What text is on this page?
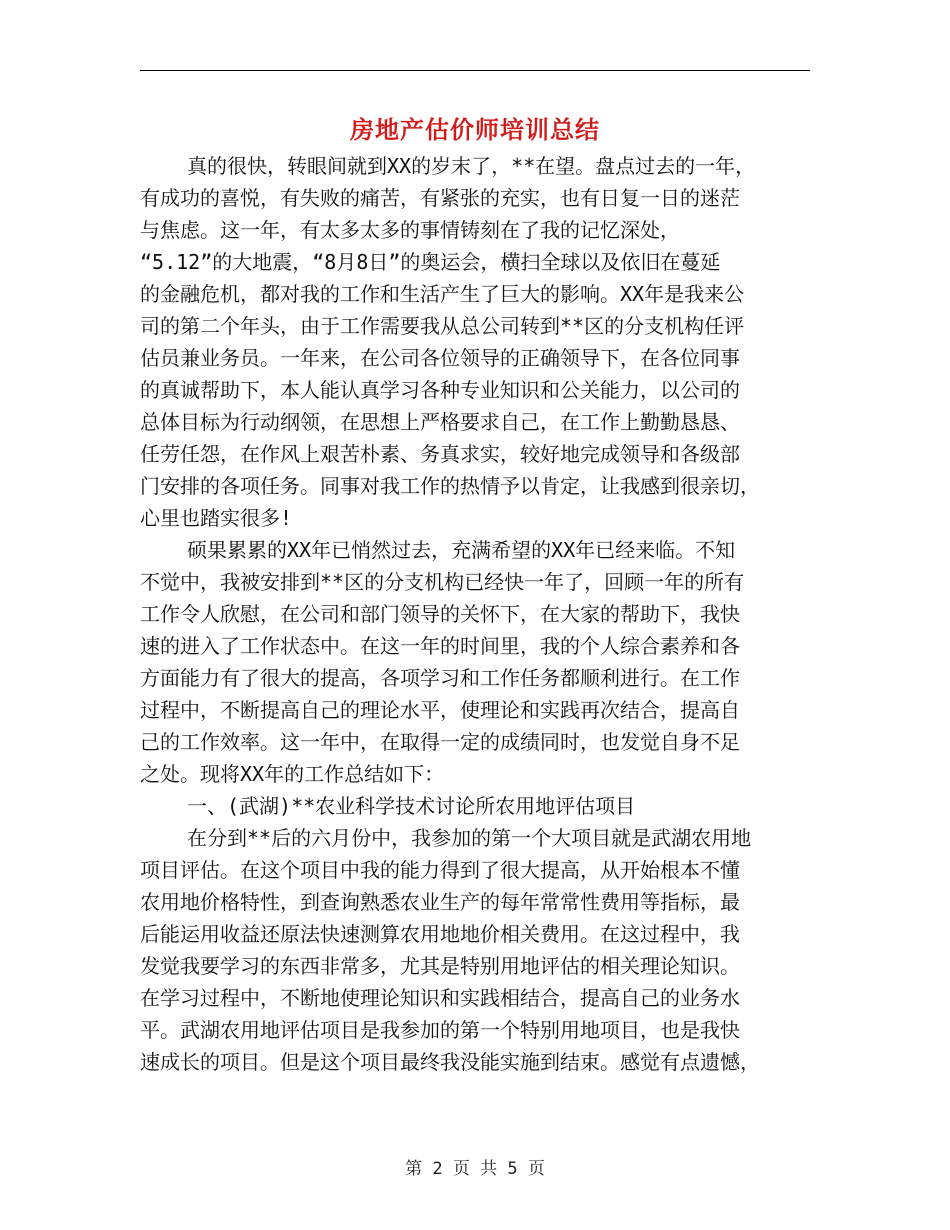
房地产估价师培训总结
真的很快，转眼间就到XX的岁末了，**在望。盘点过去的一年，
有成功的喜悦，有失败的痛苦，有紧张的充实，也有日复一日的迷茫
与焦虑。这一年，有太多太多的事情铸刻在了我的记忆深处，
“5.12”的大地震，“8月8日”的奥运会，横扫全球以及依旧在蔓延
的金融危机，都对我的工作和生活产生了巨大的影响。XX年是我来公
司的第二个年头，由于工作需要我从总公司转到**区的分支机构任评
估员兼业务员。一年来，在公司各位领导的正确领导下，在各位同事
的真诚帮助下，本人能认真学习各种专业知识和公关能力，以公司的
总体目标为行动纲领，在思想上严格要求自己，在工作上勤勤恳恳、
任劳任怨，在作风上艰苦朴素、务真求实，较好地完成领导和各级部
门安排的各项任务。同事对我工作的热情予以肯定，让我感到很亲切，
心里也踏实很多!
硕果累累的XX年已悄然过去，充满希望的XX年已经来临。不知
不觉中，我被安排到**区的分支机构已经快一年了，回顾一年的所有
工作令人欣慰，在公司和部门领导的关怀下，在大家的帮助下，我快
速的进入了工作状态中。在这一年的时间里，我的个人综合素养和各
方面能力有了很大的提高，各项学习和工作任务都顺利进行。在工作
过程中，不断提高自己的理论水平，使理论和实践再次结合，提高自
己的工作效率。这一年中，在取得一定的成绩同时，也发觉自身不足
之处。现将XX年的工作总结如下：
一、(武湖)**农业科学技术讨论所农用地评估项目
在分到**后的六月份中，我参加的第一个大项目就是武湖农用地
项目评估。在这个项目中我的能力得到了很大提高，从开始根本不懂
农用地价格特性，到查询熟悉农业生产的每年常常性费用等指标，最
后能运用收益还原法快速测算农用地地价相关费用。在这过程中，我
发觉我要学习的东西非常多，尤其是特别用地评估的相关理论知识。
在学习过程中，不断地使理论知识和实践相结合，提高自己的业务水
平。武湖农用地评估项目是我参加的第一个特别用地项目，也是我快
速成长的项目。但是这个项目最终我没能实施到结束。感觉有点遗憾，
第 2 页 共 5 页
